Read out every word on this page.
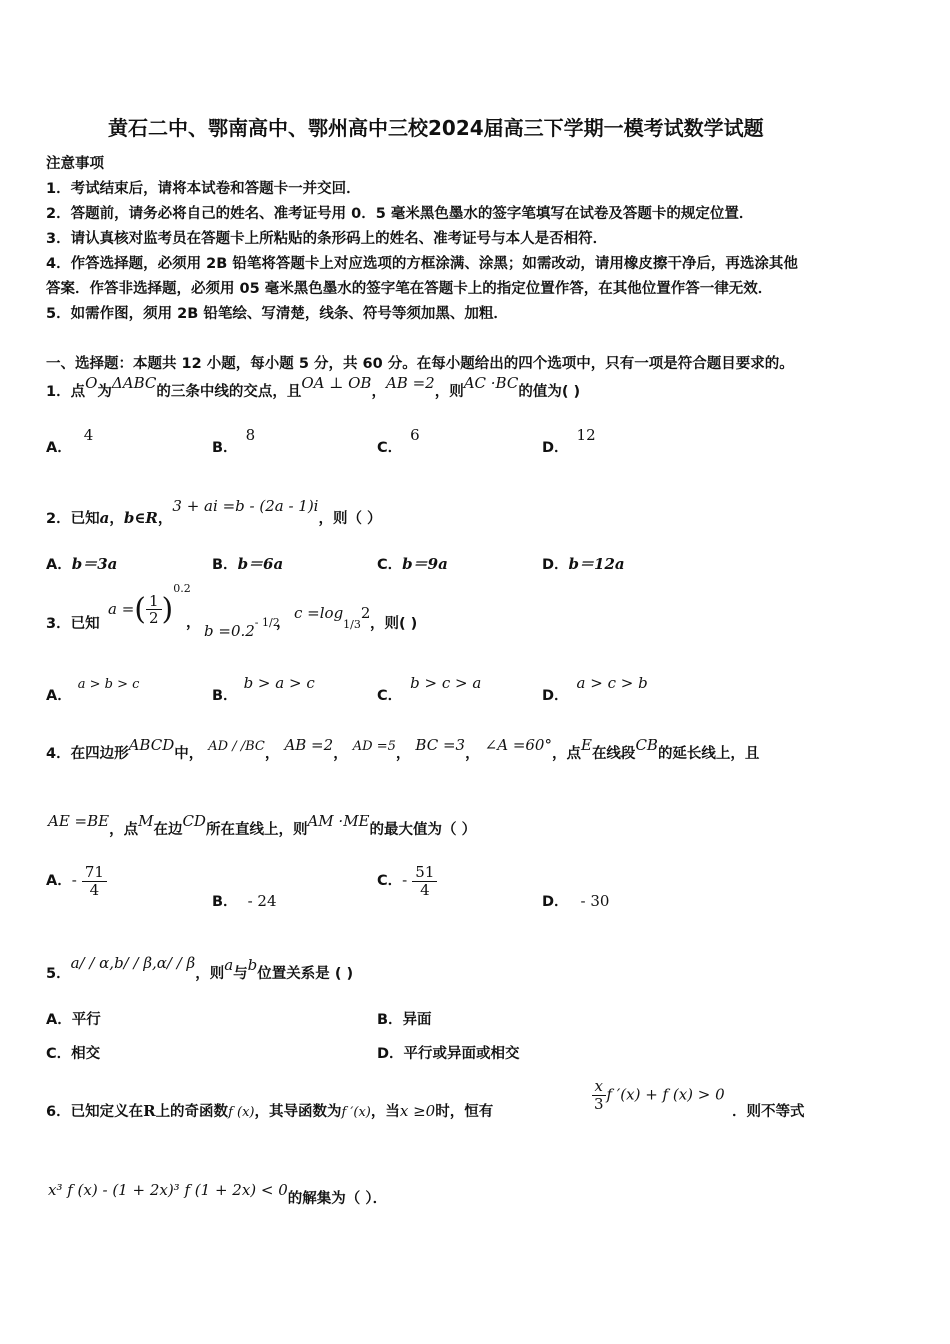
黄石二中、鄂南高中、鄂州高中三校2024届高三下学期一模考试数学试题
注意事项
1．考试结束后，请将本试卷和答题卡一并交回．
2．答题前，请务必将自己的姓名、准考证号用 0．5 毫米黑色墨水的签字笔填写在试卷及答题卡的规定位置．
3．请认真核对监考员在答题卡上所粘贴的条形码上的姓名、准考证号与本人是否相符．
4．作答选择题，必须用 2B 铅笔将答题卡上对应选项的方框涂满、涂黑；如需改动，请用橡皮擦干净后，再选涂其他
答案．作答非选择题，必须用 05 毫米黑色墨水的签字笔在答题卡上的指定位置作答，在其他位置作答一律无效．
5．如需作图，须用 2B 铅笔绘、写清楚，线条、符号等须加黑、加粗．
一、选择题：本题共 12 小题，每小题 5 分，共 60 分。在每小题给出的四个选项中，只有一项是符合题目要求的。
1．点O为ΔABC的三条中线的交点，且OA ⊥ OB，AB =2，则AC ·BC的值为( )
A．4
B．8
C．6
D．12
2．已知a，b∈R，3 + ai =b - (2a - 1)i，则（ ）
A．b＝3a	B．b＝6a	C．b＝9a	D．b＝12a
3．已知
a =( $\frac{1}{2} )^{0.2}$
， $b =0.2^{- 1/2}$
，
$c =\log_{1/3}2$
，则( )
A．a > b > c
B．b > a > c
C．b > c > a
D．a > c > b
4．在四边形ABCD中， AD / /BC， AB =2， AD =5， BC =3， ∠A =60°，点E在线段CB的延长线上，且
AE =BE，点M在边CD所在直线上，则AM ·ME的最大值为（ ）
A．- $\frac{71}{4}$
B． - 24
C．- $\frac{51}{4}$
D． - 30
5．a/ / α,b/ / β,α/ / β，则a与b位置关系是 ( )
A．平行	B．异面
C．相交	D．平行或异面或相交
6．已知定义在R上的奇函数f (x)，其导函数为f ′(x)，当x ≥0时，恒有	$\frac{x}{3}$ f ′(x) + f (x) > 0
．则不等式
x³ f (x) - (1 + 2x)³ f (1 + 2x) < 0的解集为（ ）．
